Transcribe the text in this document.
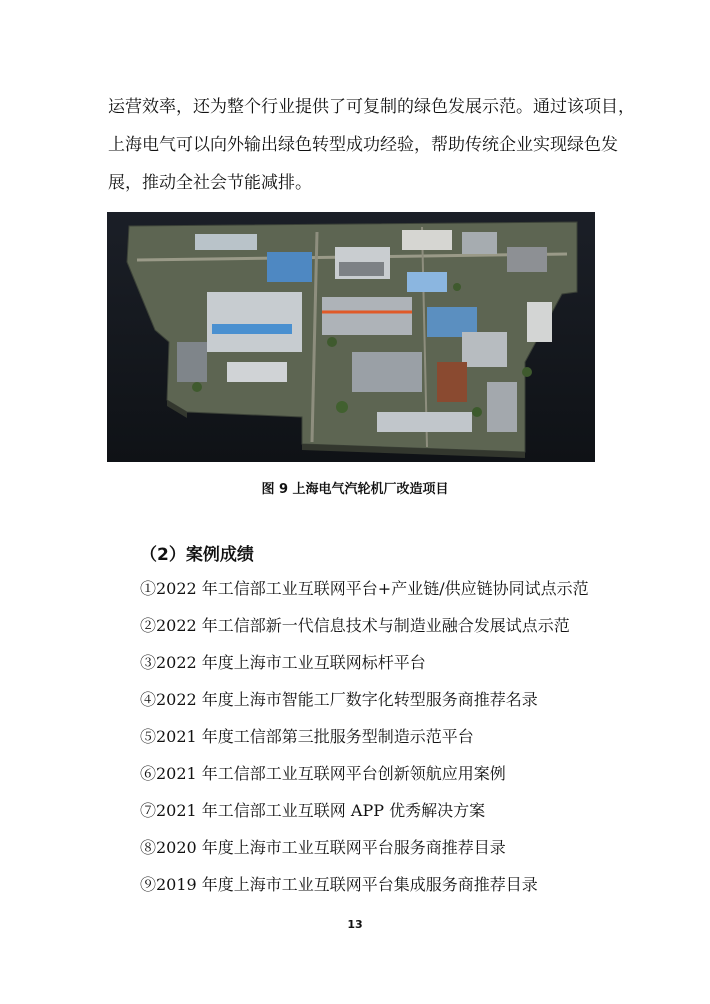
运营效率，还为整个行业提供了可复制的绿色发展示范。通过该项目，
上海电气可以向外输出绿色转型成功经验，帮助传统企业实现绿色发
展，推动全社会节能减排。
图 9 上海电气汽轮机厂改造项目
（2）案例成绩
①2022 年工信部工业互联网平台+产业链/供应链协同试点示范
②2022 年工信部新一代信息技术与制造业融合发展试点示范
③2022 年度上海市工业互联网标杆平台
④2022 年度上海市智能工厂数字化转型服务商推荐名录
⑤2021 年度工信部第三批服务型制造示范平台
⑥2021 年工信部工业互联网平台创新领航应用案例
⑦2021 年工信部工业互联网 APP 优秀解决方案
⑧2020 年度上海市工业互联网平台服务商推荐目录
⑨2019 年度上海市工业互联网平台集成服务商推荐目录
13
